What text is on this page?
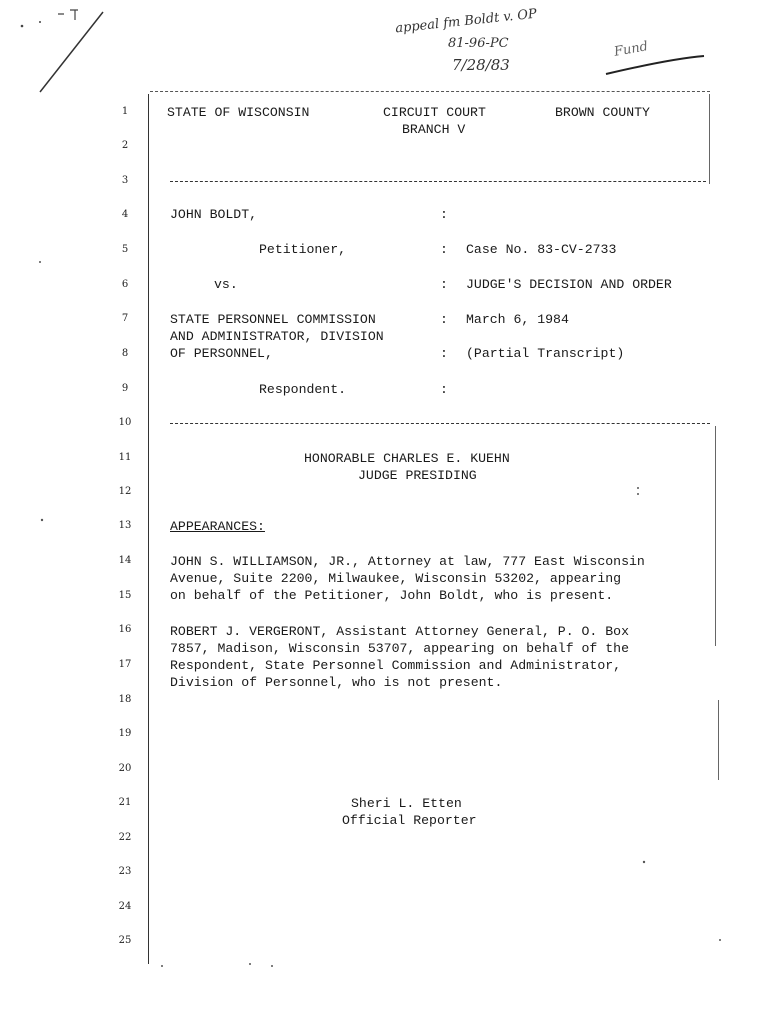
appeal fm Boldt v. OP
81-96-PC
7/28/83
Fund
1
2
3
4
5
6
7
8
9
10
11
12
13
14
15
16
17
18
19
20
21
22
23
24
25
STATE OF WISCONSIN	CIRCUIT COURT
BRANCH V
BROWN COUNTY
JOHN BOLDT,
Petitioner,
vs.
STATE PERSONNEL COMMISSION
AND ADMINISTRATOR, DIVISION
OF PERSONNEL,
Respondent.
:
:
:
:
:
:
Case No. 83-CV-2733
JUDGE'S DECISION AND ORDER
March 6, 1984
(Partial Transcript)
HONORABLE CHARLES E. KUEHN
JUDGE PRESIDING
APPEARANCES:
JOHN S. WILLIAMSON, JR., Attorney at law, 777 East Wisconsin
Avenue, Suite 2200, Milwaukee, Wisconsin 53202, appearing
on behalf of the Petitioner, John Boldt, who is present.
ROBERT J. VERGERONT, Assistant Attorney General, P. O. Box
7857, Madison, Wisconsin 53707, appearing on behalf of the
Respondent, State Personnel Commission and Administrator,
Division of Personnel, who is not present.
Sheri L. Etten
Official Reporter
